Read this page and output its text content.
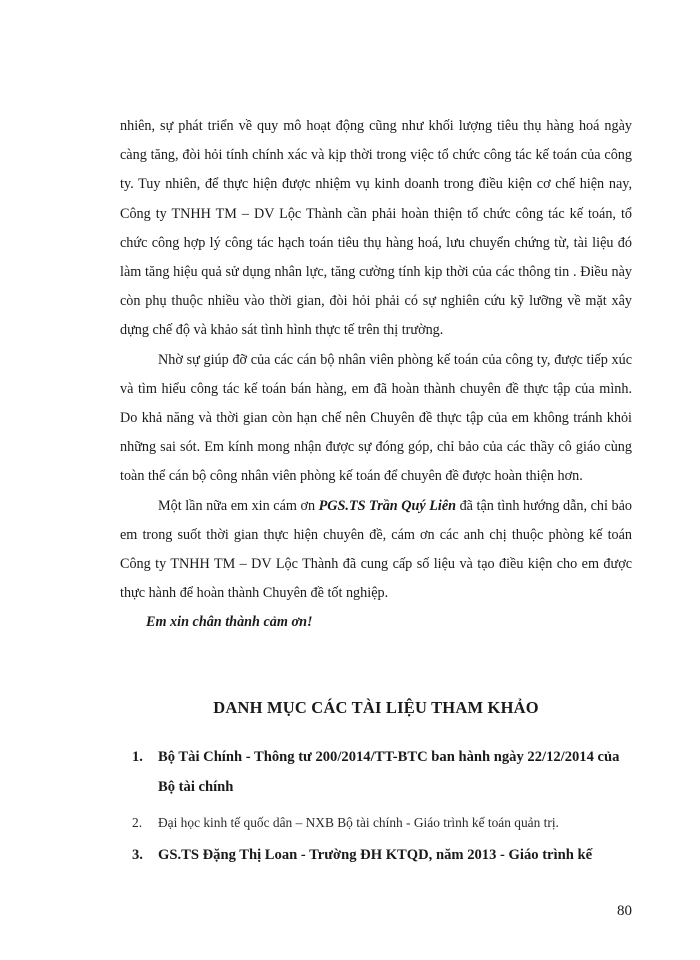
nhiên, sự phát triển về quy mô hoạt động cũng như khối lượng tiêu thụ hàng hoá ngày càng tăng, đòi hỏi tính chính xác và kịp thời trong việc tổ chức công tác kế toán của công ty. Tuy nhiên, để thực hiện được nhiệm vụ kinh doanh trong điều kiện cơ chế hiện nay, Công ty TNHH TM – DV Lộc Thành cần phải hoàn thiện tổ chức công tác kế toán, tổ chức công hợp lý công tác hạch toán tiêu thụ hàng hoá, lưu chuyển chứng từ, tài liệu đó làm tăng hiệu quả sử dụng nhân lực, tăng cường tính kịp thời của các thông tin . Điều này còn phụ thuộc nhiều vào thời gian, đòi hỏi phải có sự nghiên cứu kỹ lưỡng về mặt xây dựng chế độ và khảo sát tình hình thực tế trên thị trường.

Nhờ sự giúp đỡ của các cán bộ nhân viên phòng kế toán của công ty, được tiếp xúc và tìm hiểu công tác kế toán bán hàng, em đã hoàn thành chuyên đề thực tập của mình. Do khả năng và thời gian còn hạn chế nên Chuyên đề thực tập của em không tránh khỏi những sai sót. Em kính mong nhận được sự đóng góp, chỉ bảo của các thầy cô giáo cùng toàn thể cán bộ công nhân viên phòng kế toán để chuyên đề được hoàn thiện hơn.

Một lần nữa em xin cám ơn PGS.TS Trần Quý Liên đã tận tình hướng dẫn, chỉ bảo em trong suốt thời gian thực hiện chuyên đề, cám ơn các anh chị thuộc phòng kế toán Công ty TNHH TM – DV Lộc Thành đã cung cấp số liệu và tạo điều kiện cho em được thực hành để hoàn thành Chuyên đề tốt nghiệp.

Em xin chân thành cảm ơn!

DANH MỤC CÁC TÀI LIỆU THAM KHẢO
1.	Bộ Tài Chính - Thông tư 200/2014/TT-BTC ban hành ngày 22/12/2014 của Bộ tài chính
2.	Đại học kinh tế quốc dân – NXB Bộ tài chính - Giáo trình kế toán quản trị.
3.	GS.TS Đặng Thị Loan - Trường ĐH KTQD, năm 2013 - Giáo trình kế

80
